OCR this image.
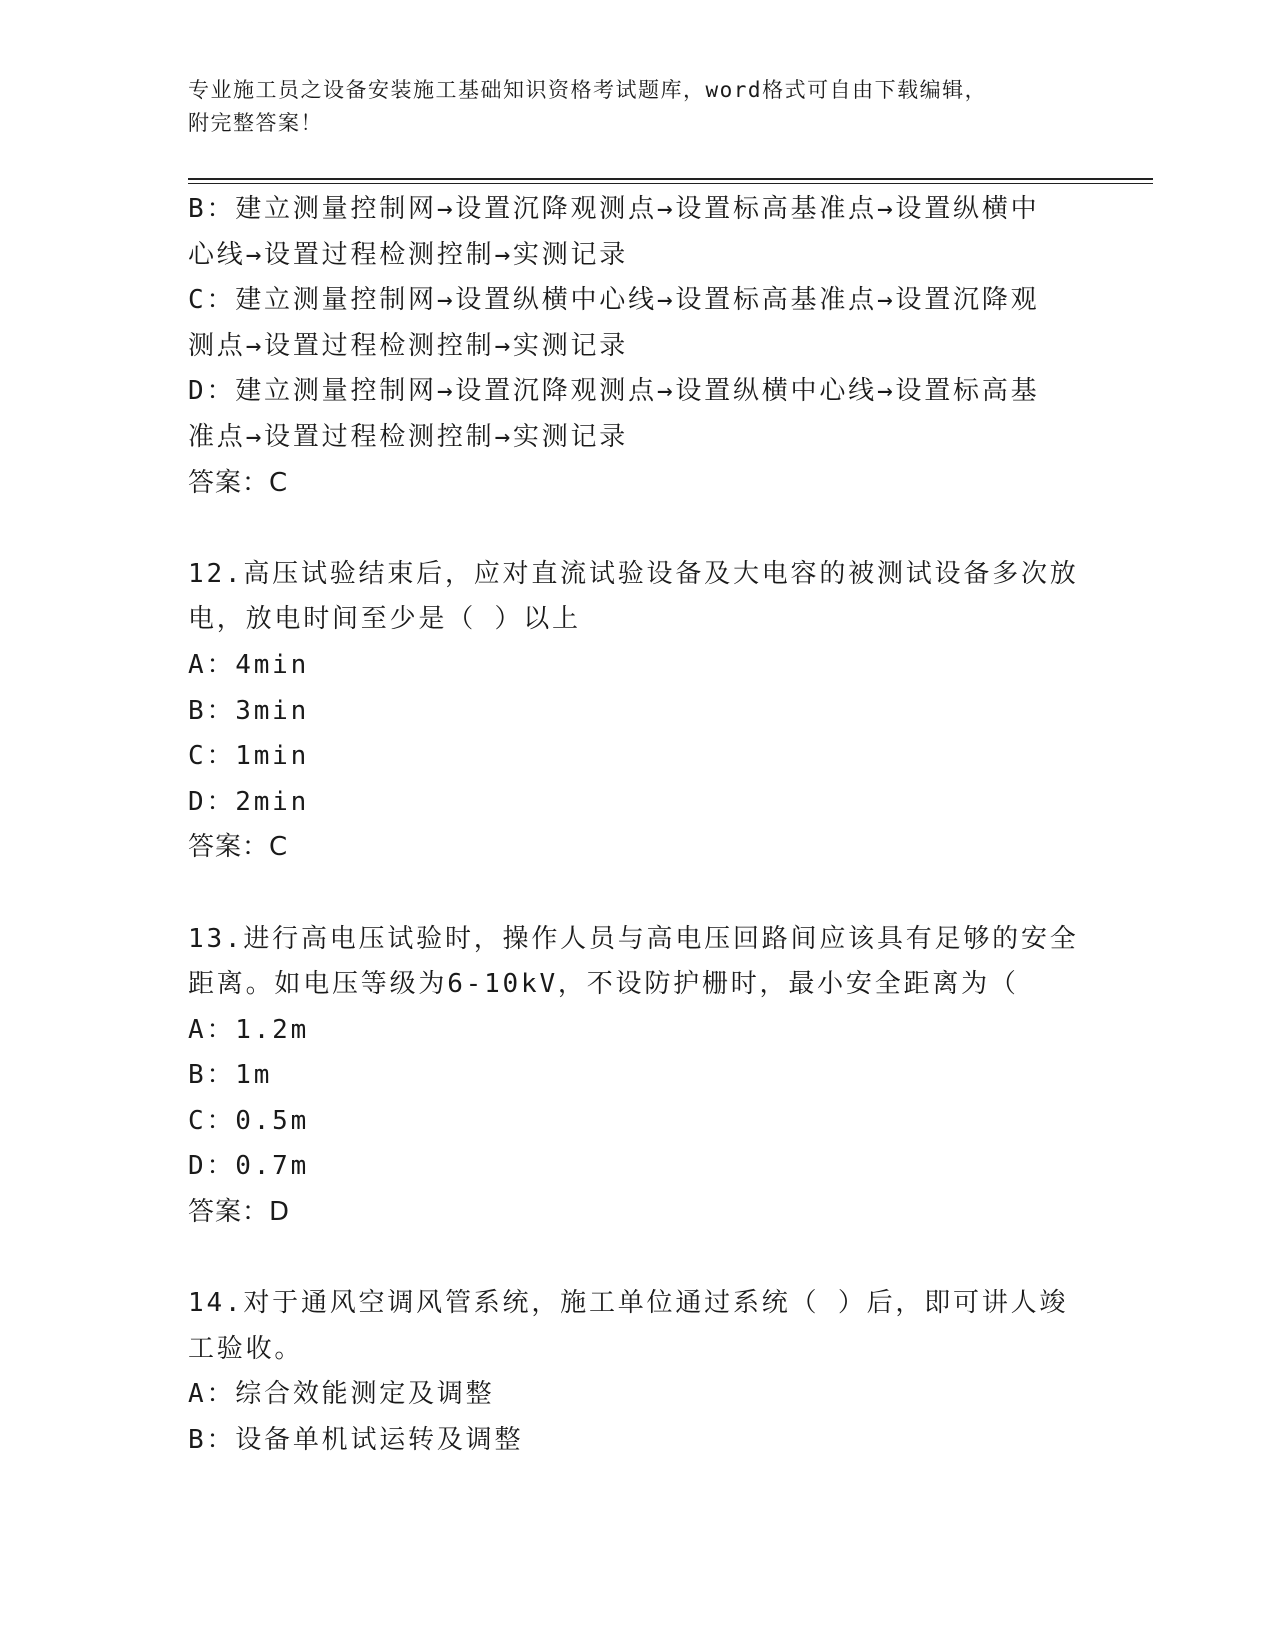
专业施工员之设备安装施工基础知识资格考试题库，word格式可自由下载编辑，
附完整答案！
B：建立测量控制网→设置沉降观测点→设置标高基准点→设置纵横中
心线→设置过程检测控制→实测记录
C：建立测量控制网→设置纵横中心线→设置标高基准点→设置沉降观
测点→设置过程检测控制→实测记录
D：建立测量控制网→设置沉降观测点→设置纵横中心线→设置标高基
准点→设置过程检测控制→实测记录
答案：C
12.高压试验结束后，应对直流试验设备及大电容的被测试设备多次放
电，放电时间至少是（ ）以上
A：4min
B：3min
C：1min
D：2min
答案：C
13.进行高电压试验时，操作人员与高电压回路间应该具有足够的安全
距离。如电压等级为6-10kV，不设防护栅时，最小安全距离为（
A：1.2m
B：1m
C：0.5m
D：0.7m
答案：D
14.对于通风空调风管系统，施工单位通过系统（ ）后，即可讲人竣
工验收。
A：综合效能测定及调整
B：设备单机试运转及调整
